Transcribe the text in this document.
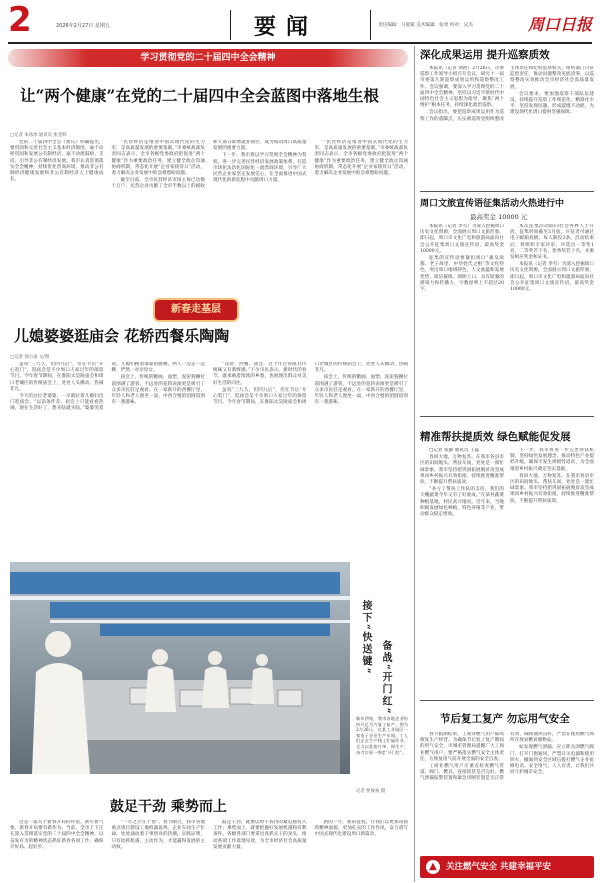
2	2026年2月27日 星期五	要闻	责任编辑：马爱斌 美术编辑：张勇 校对：吴杰	周口日报
学习贯彻党的二十届四中全会精神
让“两个健康”在党的二十届四中全会蓝图中落地生根
□记者 朱冰冰 通讯员 张金辉

党的二十届四中全会《建议》明确提出，要巩固和完善社会主义基本经济制度，毫不动摇巩固和发展公有制经济，毫不动摇鼓励、支持、引导非公有制经济发展。我市认真贯彻落实全会精神，持续优化营商环境，推动非公有制经济健康发展和非公有制经济人士健康成长。

“民营经济是推进中国式现代化的生力军，是高质量发展的重要基础。”市委统战部负责同志表示，全市各级党委政府把促进“两个健康”作为重要政治任务，建立健全政企沟通协商机制，常态化开展“企业家接待日”活动，着力解决企业发展中的急难愁盼问题。

截至目前，全市民营经济市场主体已达数十万户，民营企业贡献了全市半数以上的税收和大部分新增就业岗位，成为推动周口高质量发展的重要力量。

下一步，我市将以学习贯彻全会精神为契机，进一步完善民营经济发展政策体系，打造市场化法治化国际化一流营商环境，引导广大民营企业家坚定发展信心，在全面推进中国式现代化的新征程中贡献周口力量。

“民营经济是推进中国式现代化的生力军，是高质量发展的重要基础。”市委统战部负责同志表示，全市各级党委政府把促进“两个健康”作为重要政治任务，建立健全政企沟通协商机制，常态化开展“企业家接待日”活动，着力解决企业发展中的急难愁盼问题。

新春走基层
儿媳婆婆逛庙会 花轿西餐乐陶陶
□记者 徐小雨 文/图

虽说“三九久，但四九后”，但在节后“开心逛门”，逛庙会是不少周口人家过年的保留节目。今年春节期间，在淮阳太昊陵庙会和周口老城区的传统庙会上，处处人头攒动、热闹非凡。

今天的这位老婆婆，一早就拉着儿媳妇出门逛庙会。“以前条件差，庙会上只能看看热闹，现在生活好了，想买啥就买啥。”婆婆笑着说。儿媳妇挽着婆婆的胳膊，两人一边走一边聊，俨然一对亲母女。

庙会上，传统的糖画、面塑、泥泥狗摊位前围满了游客，不远处的花轿表演更是吸引了众多市民驻足观看。在一家新开的西餐厅里，年轻人和老人围坐一桌，中西合璧的团圆饭别有一番滋味。

“花轿、西餐、庙会，这个年过得既有传统味又有新鲜感。”不少市民表示，新时代的春节，既承载着浓浓的乡愁，也展现出群众对美好生活的向往。

虽说“三九久，但四九后”，但在节后“开心逛门”，逛庙会是不少周口人家过年的保留节目。今年春节期间，在淮阳太昊陵庙会和周口老城区的传统庙会上，处处人头攒动、热闹非凡。

庙会上，传统的糖画、面塑、泥泥狗摊位前围满了游客，不远处的花轿表演更是吸引了众多市民驻足观看。在一家新开的西餐厅里，年轻人和老人围坐一桌，中西合璧的团圆饭别有一番滋味。

接下“快送键”
备战“开门红”
新年伊始，我市各地企业纷纷开足马力复工复产。图为2月26日，在某工业园区一家电子企业生产车间，工人们正在生产线上忙碌作业，全力以赴抢订单、保生产，奋力实现一季度“开门红”。
记者 侯俊豪 摄
鼓足干劲 乘势而上

这是一篇关于新春开局的评论。新年新气象，新春开局要有新作为。当前，全市上下正在深入贯彻落实党的二十届四中全会精神，以奋发有为的精神状态抓好新春各项工作，确保开好局、起好步。

“一年之计在于春”。春节刚过，我市各地重点项目建设工地机器轰鸣、企业车间生产忙碌，处处涌动着干事创业的热潮。实践证明，只有抢抓机遇、主动作为，才能赢得发展的主动权。

鼓足干劲，就要以时不我待的紧迫感投入工作；乘势而上，就要把握好发展机遇和有利条件。各级各部门要拿出真抓实干的劲头，推动各项工作落地见效，为全市经济社会高质量发展贡献力量。

新的一年，新的征程。让我们以更加昂扬的精神面貌、更加扎实的工作作风，奋力谱写中国式现代化建设周口新篇章。

深化成果运用 提升巡察质效

本报讯（记者 刘艳）2月26日，市委巡察工作领导小组召开会议，研究十一届市委第几轮巡察成果运用和巡察整改工作。会议强调，要深入学习贯彻党的二十届四中全会精神，坚持以习近平新时代中国特色社会主义思想为指导，聚焦“两个维护”根本任务，持续深化政治巡察。

会议指出，要把巡察成果运用作为巡察工作的落脚点，压实被巡察党组织整改主体责任和纪检监察机关、组织部门日常监督责任，推动问题整改见底清零，以巡察整改实效推动全市经济社会高质量发展。

会议要求，要加强巡察干部队伍建设，持续提升巡察工作规范化、精准化水平，坚持发现问题、形成震慑不动摇，为建设现代化周口提供坚强保障。

周口文旅宣传语征集活动火热进行中
最高奖金 10000 元

本报讯（记者 李雪）为深入挖掘周口历史文化资源，全面展示周口文旅形象，即日起，周口市文化广电和旅游局面向社会公开征集周口文旅宣传语，最高奖金10000元。

征集的宣传语要紧扣周口“羲皇故都、老子故里、中华姓氏之根”等文化特色，突出周口地域特色、人文底蕴和发展优势，简洁凝练、朗朗上口，具有较强的感染力和传播力，字数原则上不超过20字。

本次征集活动面向社会各界人士开放，征集时间截至3月底。应征者可通过电子邮箱投稿，每人限投3条。活动结束后，将组织专家评审，评选出一等奖1名、二等奖若干名、优秀奖若干名，并颁发相应奖金和证书。

本报讯（记者 李雪）为深入挖掘周口历史文化资源，全面展示周口文旅形象，即日起，周口市文化广电和旅游局面向社会公开征集周口文旅宣传语，最高奖金10000元。

精准帮扶提质效 绿色赋能促发展

□记者 张静 通讯员 王磊

春回大地，万物复苏。在我市各县市区的田间地头、帮扶车间，处处是一派忙碌景象。我市坚持把巩固拓展脱贫攻坚成果同乡村振兴有效衔接，持续推进精准帮扶，不断提升帮扶质效。

“多亏了帮扶工作队的支持，我们的大棚蔬菜今年又有了好收成。”在某村蔬菜种植基地，村民高兴地说。近年来，当地积极发展绿色种植、特色养殖等产业，带动群众稳定增收。

下一步，我市将进一步完善帮扶机制，坚持绿色发展理念，推动特色产业提档升级，确保不发生规模性返贫，为全面推进乡村振兴奠定坚实基础。

春回大地，万物复苏。在我市各县市区的田间地头、帮扶车间，处处是一派忙碌景象。我市坚持把巩固拓展脱贫攻坚成果同乡村振兴有效衔接，持续推进精准帮扶，不断提升帮扶质效。

节后复工复产 勿忘用气安全

春节假期结束，工商业燃气用户陆续恢复生产经营。为确保节后复工复产期间的用气安全，市城市管理局提醒广大工商业燃气用户，要严格落实燃气安全主体责任，在恢复用气前开展全面的安全自查。

工商业燃气用户应重点检查燃气管道、阀门、燃具、连接软管是否完好，燃气泄漏报警装置和紧急切断装置是否正常有效，确保通风良好，严禁在使用燃气场所存放易燃易爆物品。

如发现燃气泄漏，应立即关闭燃气阀门，打开门窗通风，严禁开关电器和使用明火，撤离到安全区域后拨打燃气企业抢修电话。安全用气，人人有责，让我们共同守护城市安全。

▲	关注燃气安全 共建幸福平安
